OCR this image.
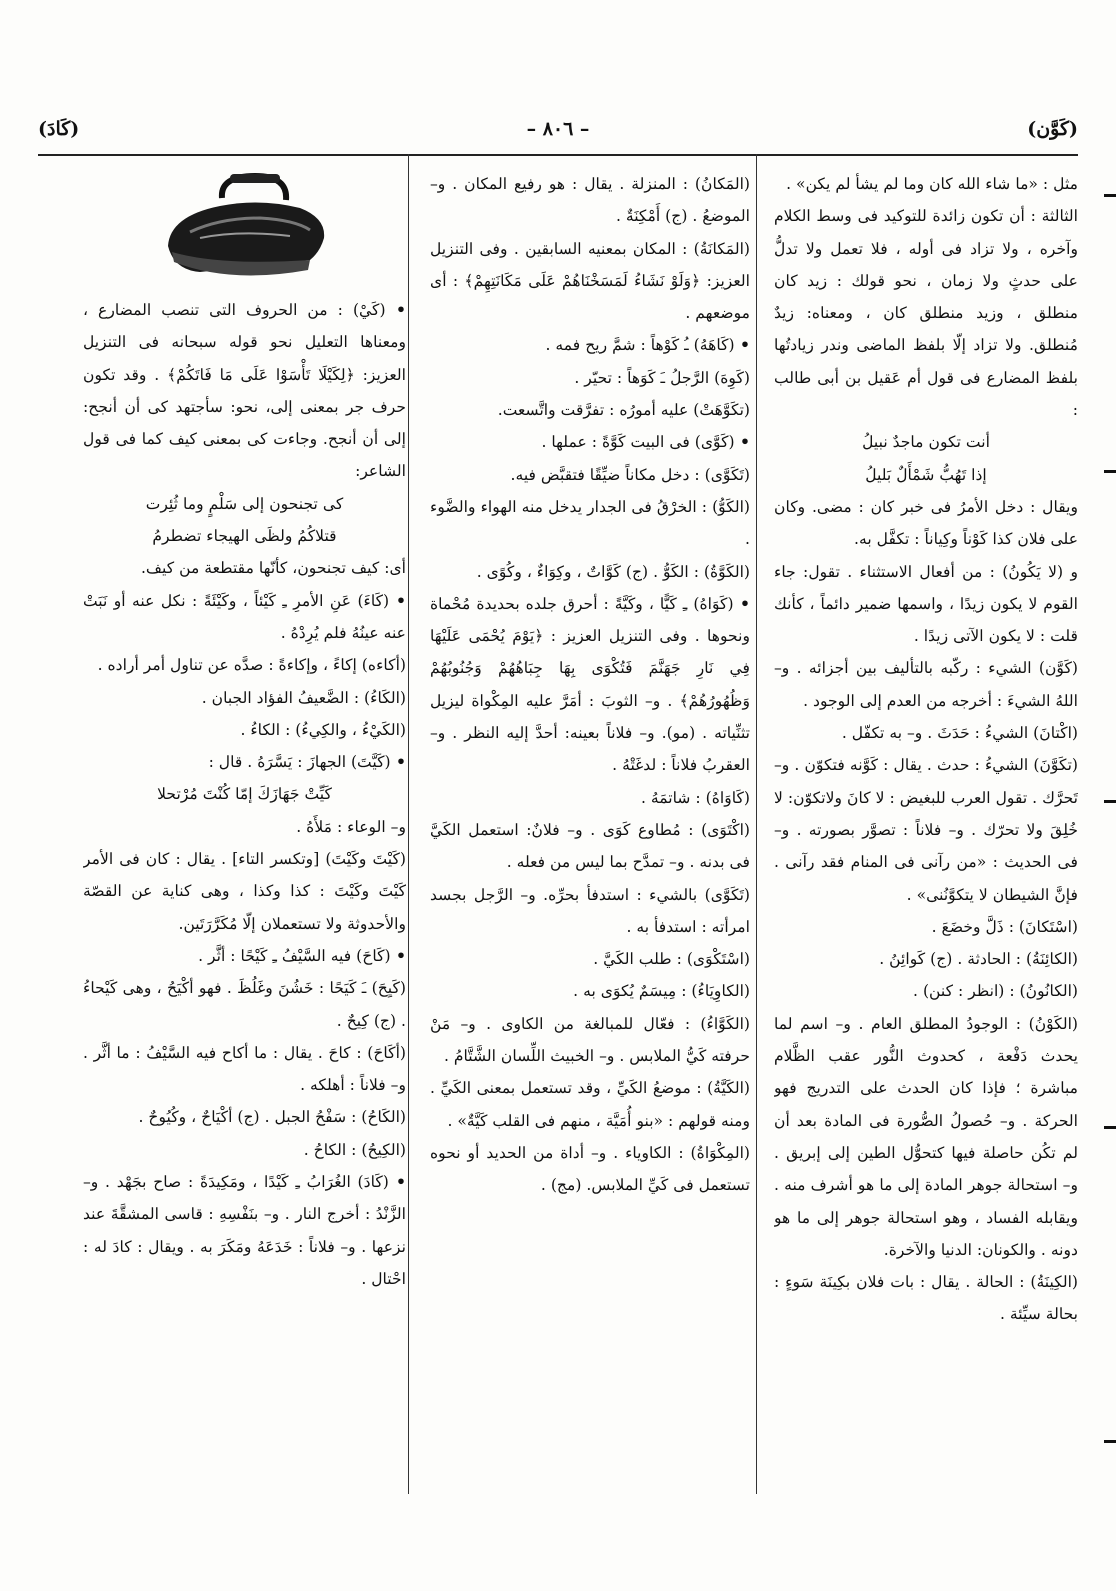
(كَوَّن)
– ٨٠٦ –
(كَادَ)

مثل : «ما شاء الله كان وما لم يشأ لم يكن» .

الثالثة : أن تكون زائدة للتوكيد فى وسط الكلام وآخره ، ولا تزاد فى أوله ، فلا تعمل ولا تدلُّ على حدثٍ ولا زمان ، نحو قولك : زيد كان منطلق ، وزيد منطلق كان ، ومعناه: زيدٌ مُنطلق. ولا تزاد إلّا بلفظ الماضى وندر زيادتُها بلفظ المضارع فى قول أم عَقيل بن أبى طالب :

أنت تكون ماجدٌ نبيلُ

إذا تَهُبُّ شَمْأَلٌ بَليلُ

ويقال : دخل الأمرُ فى خبر كان : مضى. وكان على فلان كذا كَوْناً وكِياناً : تكفَّل به.

و (لا يَكُونُ) : من أفعال الاستثناء . تقول: جاء القوم لا يكون زيدًا ، واسمها ضمير دائماً ، كأنك قلت : لا يكون الآتى زيدًا .

(كَوَّن) الشيء : ركّبه بالتأليف بين أجزائه . و– اللهُ الشيءَ : أخرجه من العدم إلى الوجود .

(اكْتانَ) الشيءُ : حَدَثَ . و– به تكفّل .

(تكَوَّنَ) الشيءُ : حدث . يقال : كَوَّنه فتكوّن . و– تَحرَّك . تقول العرب للبغيض : لا كانَ ولاتكوّن: لا خُلِقَ ولا تحرّك . و– فلاناً : تصوَّر بصورته . و– فى الحديث : «من رآنى فى المنام فقد رآنى . فإنَّ الشيطان لا يتكوَّنُنى» .

(اسْتَكانَ) : ذَلَّ وخضَعَ .

(الكائِنَةُ) : الحادثة . (ج) كَوائِنُ .

(الكانُونُ) : (انظر : كنن) .

(الكَوْنُ) : الوجودُ المطلق العام . و– اسم لما يحدث دَفْعة ، كحدوث النُّور عقب الظَّلام مباشرة ؛ فإذا كان الحدث على التدريج فهو الحركة . و– حُصولُ الصُّورة فى المادة بعد أن لم تكُن حاصلة فيها كتحوُّل الطين إلى إبريق . و– استحالة جوهر المادة إلى ما هو أشرف منه . ويقابله الفساد ، وهو استحالة جوهر إلى ما هو دونه . والكونان: الدنيا والآخرة.

(الكِينَةُ) : الحالة . يقال : بات فلان بكِينَة سَوءٍ : بحالة سيِّئة .

(المَكانُ) : المنزلة . يقال : هو رفيع المكان . و– الموضعُ . (ج) أَمْكِنَةٌ .

(المَكانَةُ) : المكان بمعنيه السابقين . وفى التنزيل العزيز: ﴿وَلَوْ نَشَاءُ لَمَسَخْنَاهُمْ عَلَى مَكَانَتِهِمْ﴾ : أى موضعهم .

• (كَاهَهُ) ـُ كَوْهاً : شمَّ ريح فمه .

(كَوِهَ) الرَّجلُ ـَ كَوَهاً : تحيّر .

(تكَوَّهَتْ) عليه أمورُه : تفرَّقت واتَّسعت.

• (كَوَّى) فى البيت كَوَّةً : عملها .

(تَكَوَّى) : دخل مكاناً ضيِّقًا فتقبَّض فيه.

(الكَوُّ) : الخرْقُ فى الجدار يدخل منه الهواء والضَّوء .

(الكَوَّةُ) : الكَوُّ . (ج) كَوَّاتٌ ، وكِوَاءٌ ، وكُوًى .

• (كَوَاهُ) ـِ كَيًّا ، وكَيَّةً : أحرق جلده بحديدة مُحْماة ونحوها . وفى التنزيل العزيز : ﴿يَوْمَ يُحْمَى عَلَيْهَا فِي نَارِ جَهَنَّمَ فَتُكْوَى بِهَا جِبَاهُهُمْ وَجُنُوبُهُمْ وَظُهُورُهُمْ﴾ . و– الثوبَ : أمَرَّ عليه المِكْواة ليزيل تثنِّياته . (مو). و– فلاناً بعينه: أحدَّ إليه النظر . و– العقربُ فلاناً : لدغَتْهُ .

(كَاوَاهُ) : شاتمَهُ .

(اكْتَوَى) : مُطاوع كَوَى . و– فلانٌ: استعمل الكَيَّ فى بدنه . و– تمدَّح بما ليس من فعله .

(تَكَوَّى) بالشيء : استدفأ بحرِّه. و– الرَّجل بجسد امرأته : استدفأ به .

(اسْتَكْوَى) : طلب الكَيَّ .

(الكاوِيَاءُ) : مِيسَمٌ يُكوَى به .

(الكَوَّاءُ) : فعّال للمبالغة من الكاوى . و– مَنْ حرفته كَيُّ الملابس . و– الخبيث اللِّسان الشَّتَّامُ .

(الكَيَّةُ) : موضعُ الكَيِّ ، وقد تستعمل بمعنى الكَيِّ . ومنه قولهم : «بنو أُمَيَّة ، منهم فى القلب كَيَّةٌ» .

(المِكْوَاةُ) : الكاوياء . و– أداة من الحديد أو نحوه تستعمل فى كَيِّ الملابس. (مج) .

• (كَيْ) : من الحروف التى تنصب المضارع ، ومعناها التعليل نحو قوله سبحانه فى التنزيل العزيز: ﴿لِكَيْلَا تَأْسَوْا عَلَى مَا فَاتَكُمْ﴾ . وقد تكون حرف جر بمعنى إلى، نحو: سأجتهد كى أن أنجح: إلى أن أنجح. وجاءت كى بمعنى كيف كما فى قول الشاعر:

كى تجنحون إلى سَلْمٍ وما ثُئِرت

قتلاكُمُ ولظَى الهيجاء تضطرمُ

أى: كيف تجنحون، كأنّها مقتطعة من كيف.

• (كَاءَ) عَنِ الأمرِ ـِ كَيْئاً ، وكَيْئَةً : نكل عنه أو نَبَتْ عنه عينُهُ فلم يُرِدْهُ .

(أكاءه) إكاءً ، وإكاءةً : صدَّه عن تناول أمر أراده .

(الكَاءُ) : الضَّعيفُ الفؤاد الجبان .

(الكَيْءُ ، والكِيءُ) : الكاءُ .

• (كَيَّتَ) الجهازَ : يَسَّرَهُ . قال :

كَيِّتْ جَهَازَكَ إمّا كُنْتَ مُرْتحلا

و– الوعاء : مَلأَهُ .

(كَيْتَ وكَيْتَ) [وتكسر التاء] . يقال : كان فى الأمر كَيْتَ وكَيْتَ : كذا وكذا ، وهى كناية عن القصّة والأحدوثة ولا تستعملان إلّا مُكَرَّرَتَين.

• (كَاحَ) فيه السَّيْفُ ـِ كَيْحًا : أثَّر .

(كَيِحَ) ـَ كَيَحًا : خَشُنَ وغَلُظَ . فهو أكْيَحُ ، وهى كَيْحاءُ . (ج) كِيحٌ .

(أكَاحَ) : كاحَ . يقال : ما أكاح فيه السَّيْفُ : ما أثَّر . و– فلاناً : أهلكه .

(الكَاحُ) : سَفْحُ الجبل . (ج) أكْيَاحٌ ، وكُيُوحٌ .

(الكِيحُ) : الكاحُ .

• (كَادَ) الغُرَابُ ـِ كَيْدًا ، ومَكِيدَةً : صاح بجَهْد . و– الزَّنْدُ : أخرج النار . و– بنَفْسِهِ : قاسى المشقَّةَ عند نزعها . و– فلاناً : خَدَعَهُ ومَكَرَ به . ويقال : كادَ له : احْتال .
